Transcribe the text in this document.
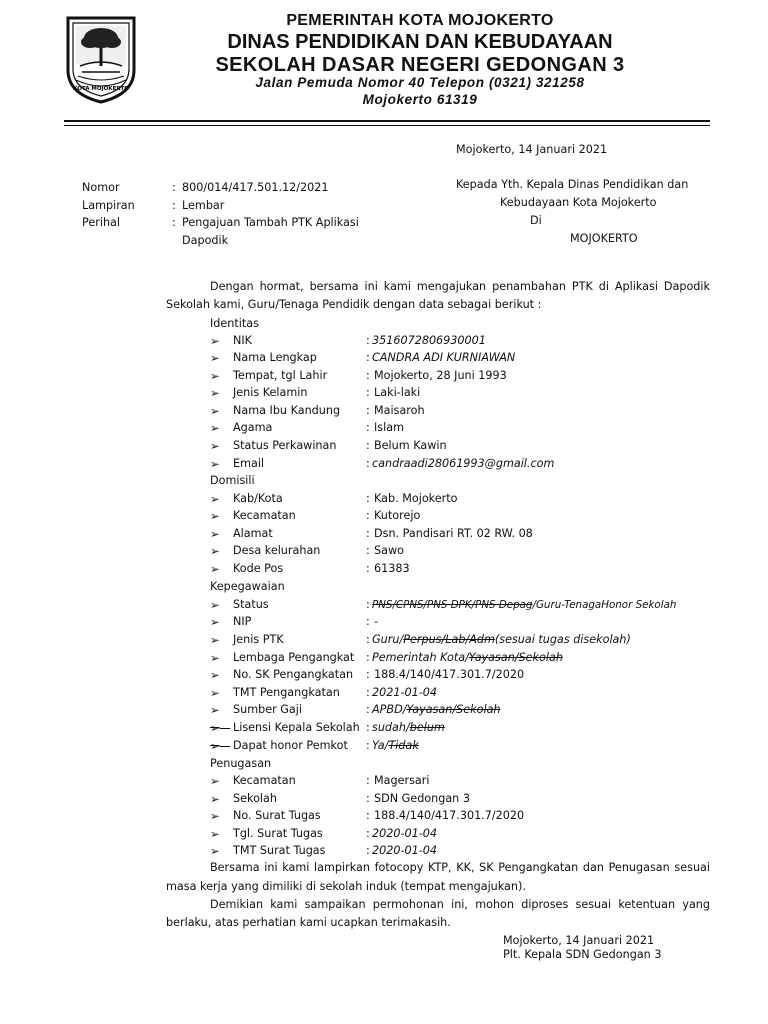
KOTA MOJOKERTO
PEMERINTAH KOTA MOJOKERTO
DINAS PENDIDIKAN DAN KEBUDAYAAN
SEKOLAH DASAR NEGERI GEDONGAN 3
Jalan Pemuda Nomor 40 Telepon (0321) 321258
Mojokerto 61319
Mojokerto, 14 Januari 2021
Nomor	: 800/014/417.501.12/2021
Lampiran	: Lembar
Perihal	: Pengajuan Tambah PTK Aplikasi
Dapodik
Kepada Yth. Kepala Dinas Pendidikan dan
Kebudayaan Kota Mojokerto
Di
MOJOKERTO
Dengan hormat, bersama ini kami mengajukan penambahan PTK di Aplikasi Dapodik
Sekolah kami, Guru/Tenaga Pendidik dengan data sebagai berikut :
Identitas
➢ NIK	: 3516072806930001
➢ Nama Lengkap	: CANDRA ADI KURNIAWAN
➢ Tempat, tgl Lahir	: Mojokerto, 28 Juni 1993
➢ Jenis Kelamin	: Laki-laki
➢ Nama Ibu Kandung : Maisaroh
➢ Agama	: Islam
➢ Status Perkawinan	: Belum Kawin
➢ Email	: candraadi28061993@gmail.com
Domisili
➢ Kab/Kota	: Kab. Mojokerto
➢ Kecamatan	: Kutorejo
➢ Alamat	: Dsn. Pandisari RT. 02 RW. 08
➢ Desa kelurahan	: Sawo
➢ Kode Pos	: 61383
Kepegawaian
➢ Status	: PNS/CPNS/PNS DPK/PNS Depag/Guru-TenagaHonor Sekolah
➢ NIP	: -
➢ Jenis PTK	: Guru/Perpus/Lab/Adm(sesuai tugas disekolah)
➢ Lembaga Pengangkat : Pemerintah Kota/Yayasan/Sekolah
➢ No. SK Pengangkatan : 188.4/140/417.301.7/2020
➢ TMT Pengangkatan : 2021-01-04
➢ Sumber Gaji	: APBD/Yayasan/Sekolah
➢	Lisensi Kepala Sekolah : sudah/belum
➢	Dapat honor Pemkot : Ya/Tidak
Penugasan
➢ Kecamatan	: Magersari
➢ Sekolah	: SDN Gedongan 3
➢ No. Surat Tugas	: 188.4/140/417.301.7/2020
➢ Tgl. Surat Tugas	: 2020-01-04
➢ TMT Surat Tugas	: 2020-01-04
Bersama ini kami lampirkan fotocopy KTP, KK, SK Pengangkatan dan Penugasan sesuai
masa kerja yang dimiliki di sekolah induk (tempat mengajukan).
Demikian kami sampaikan permohonan ini, mohon diproses sesuai ketentuan yang
berlaku, atas perhatian kami ucapkan terimakasih.
Mojokerto, 14 Januari 2021
Plt. Kepala SDN Gedongan 3
